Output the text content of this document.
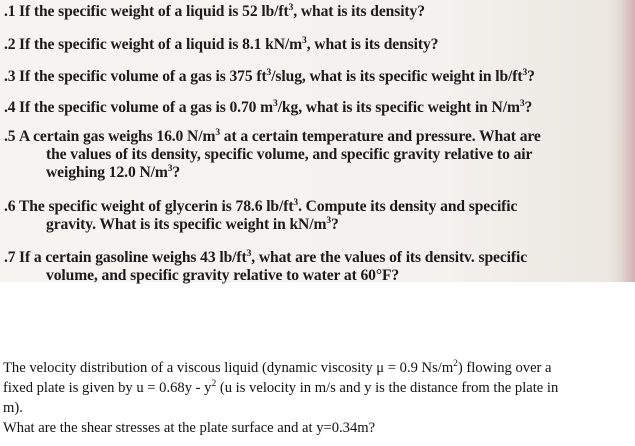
.1 If the specific weight of a liquid is 52 $lb/ft^3$, what is its density?
.2 If the specific weight of a liquid is 8.1 $kN/m^3$, what is its density?
.3 If the specific volume of a gas is 375 $ft^3$/slug, what is its specific weight in $lb/ft^3$?
.4 If the specific volume of a gas is 0.70 $m^3/kg$, what is its specific weight in $N/m^3$?
.5 A certain gas weighs 16.0 $N/m^3$ at a certain temperature and pressure. What are
the values of its density, specific volume, and specific gravity relative to air
weighing 12.0 $N/m^3$?
.6 The specific weight of glycerin is 78.6 $lb/ft^3$. Compute its density and specific
gravity. What is its specific weight in $kN/m^3$?
.7 If a certain gasoline weighs 43 $lb/ft^3$, what are the values of its densitv. specific
volume, and specific gravity relative to water at 60°F?
The velocity distribution of a viscous liquid (dynamic viscosity μ = 0.9 $Ns/m^2$) flowing over a
fixed plate is given by $u = 0.68y - y^2$ (u is velocity in m/s and y is the distance from the plate in
m).
What are the shear stresses at the plate surface and at y=0.34m?
